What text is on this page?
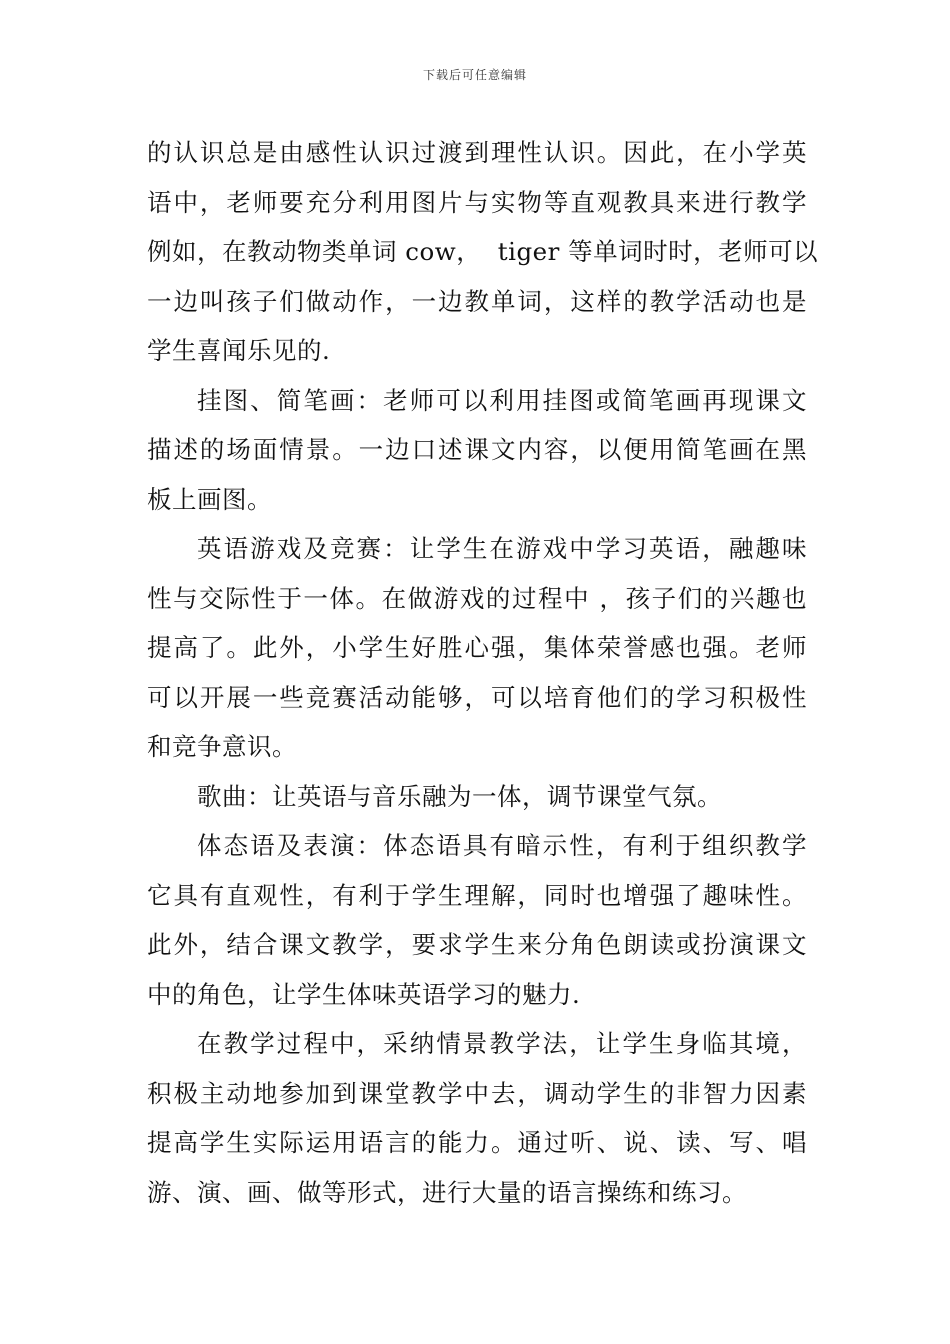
下载后可任意编辑
的认识总是由感性认识过渡到理性认识。因此，在小学英
语中，老师要充分利用图片与实物等直观教具来进行教学
例如，在教动物类单词 cow，  tiger 等单词时时，老师可以
一边叫孩子们做动作，一边教单词，这样的教学活动也是
学生喜闻乐见的.
挂图、简笔画：老师可以利用挂图或简笔画再现课文
描述的场面情景。一边口述课文内容，以便用简笔画在黑
板上画图。
英语游戏及竞赛：让学生在游戏中学习英语，融趣味
性与交际性于一体。在做游戏的过程中 ，孩子们的兴趣也
提高了。此外，小学生好胜心强，集体荣誉感也强。老师
可以开展一些竞赛活动能够，可以培育他们的学习积极性
和竞争意识。
歌曲：让英语与音乐融为一体，调节课堂气氛。
体态语及表演：体态语具有暗示性，有利于组织教学
它具有直观性，有利于学生理解，同时也增强了趣味性。
此外，结合课文教学，要求学生来分角色朗读或扮演课文
中的角色，让学生体味英语学习的魅力.
在教学过程中，采纳情景教学法，让学生身临其境，
积极主动地参加到课堂教学中去，调动学生的非智力因素
提高学生实际运用语言的能力。通过听、说、读、写、唱
游、演、画、做等形式，进行大量的语言操练和练习。
